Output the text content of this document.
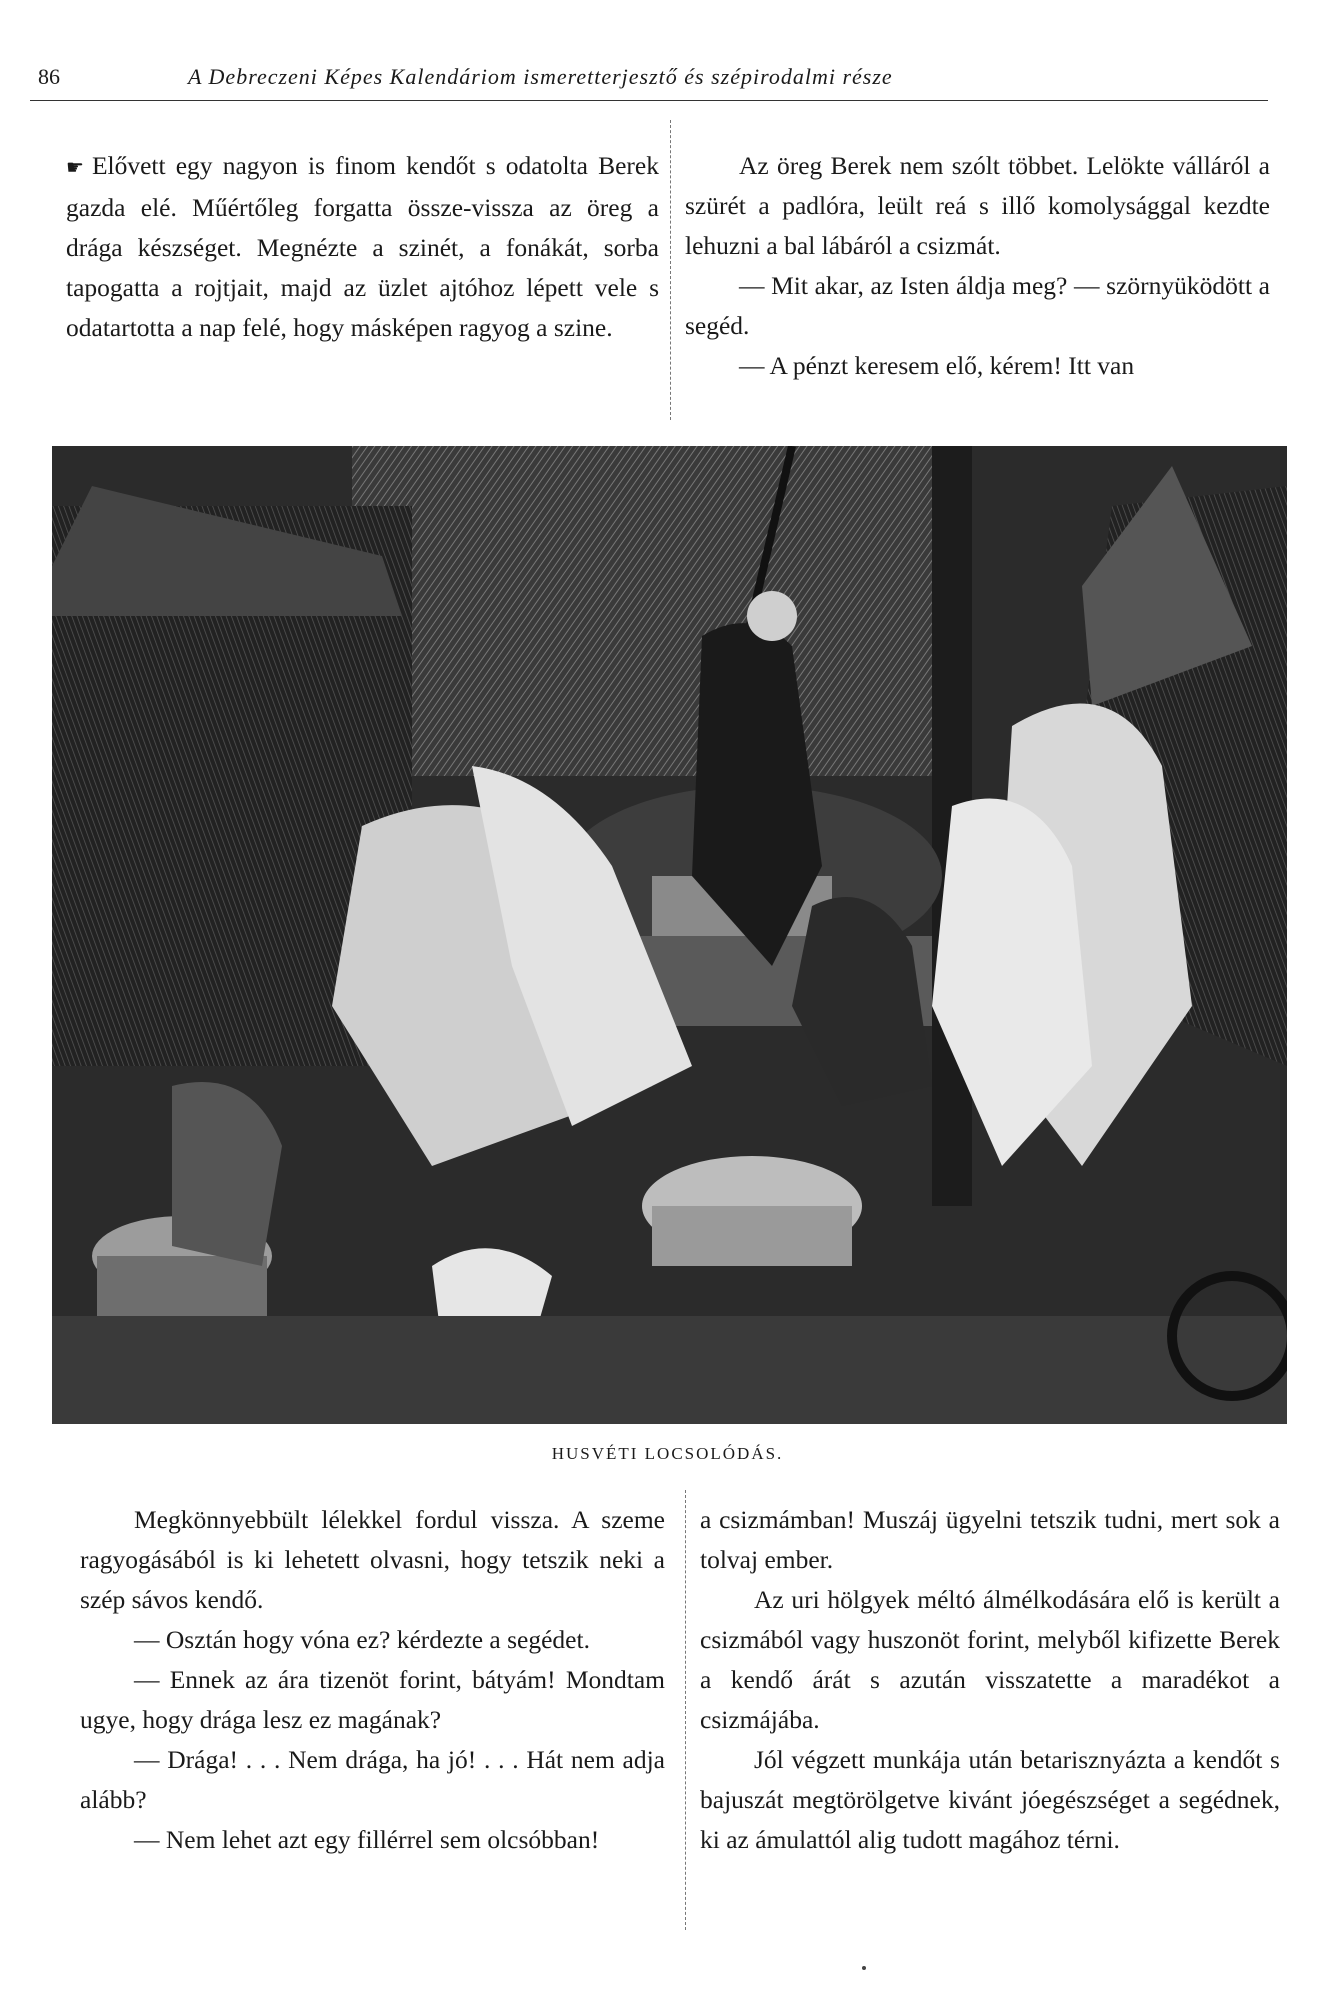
86	A Debreczeni Képes Kalendáriom ismeretterjesztő és szépirodalmi része

☛ Elővett egy nagyon is finom kendőt s odatolta Berek gazda elé. Műértőleg forgatta össze-vissza az öreg a drága készséget. Megnézte a szinét, a fonákát, sorba tapogatta a rojtjait, majd az üzlet ajtóhoz lépett vele s odatartotta a nap felé, hogy másképen ragyog a szine.

Az öreg Berek nem szólt többet. Lelökte válláról a szürét a padlóra, leült reá s illő komolysággal kezdte lehuzni a bal lábáról a csizmát.

— Mit akar, az Isten áldja meg? — szörnyüködött a segéd.

— A pénzt keresem elő, kérem! Itt van

HUSVÉTI LOCSOLÓDÁS.

Megkönnyebbült lélekkel fordul vissza. A szeme ragyogásából is ki lehetett olvasni, hogy tetszik neki a szép sávos kendő.

— Osztán hogy vóna ez? kérdezte a segédet.

— Ennek az ára tizenöt forint, bátyám! Mondtam ugye, hogy drága lesz ez magának?

— Drága! . . . Nem drága, ha jó! . . . Hát nem adja alább?

— Nem lehet azt egy fillérrel sem olcsóbban!

a csizmámban! Muszáj ügyelni tetszik tudni, mert sok a tolvaj ember.

Az uri hölgyek méltó álmélkodására elő is került a csizmából vagy huszonöt forint, melyből kifizette Berek a kendő árát s azután visszatette a maradékot a csizmájába.

Jól végzett munkája után betarisznyázta a kendőt s bajuszát megtörölgetve kivánt jóegészséget a segédnek, ki az ámulattól alig tudott magához térni.
